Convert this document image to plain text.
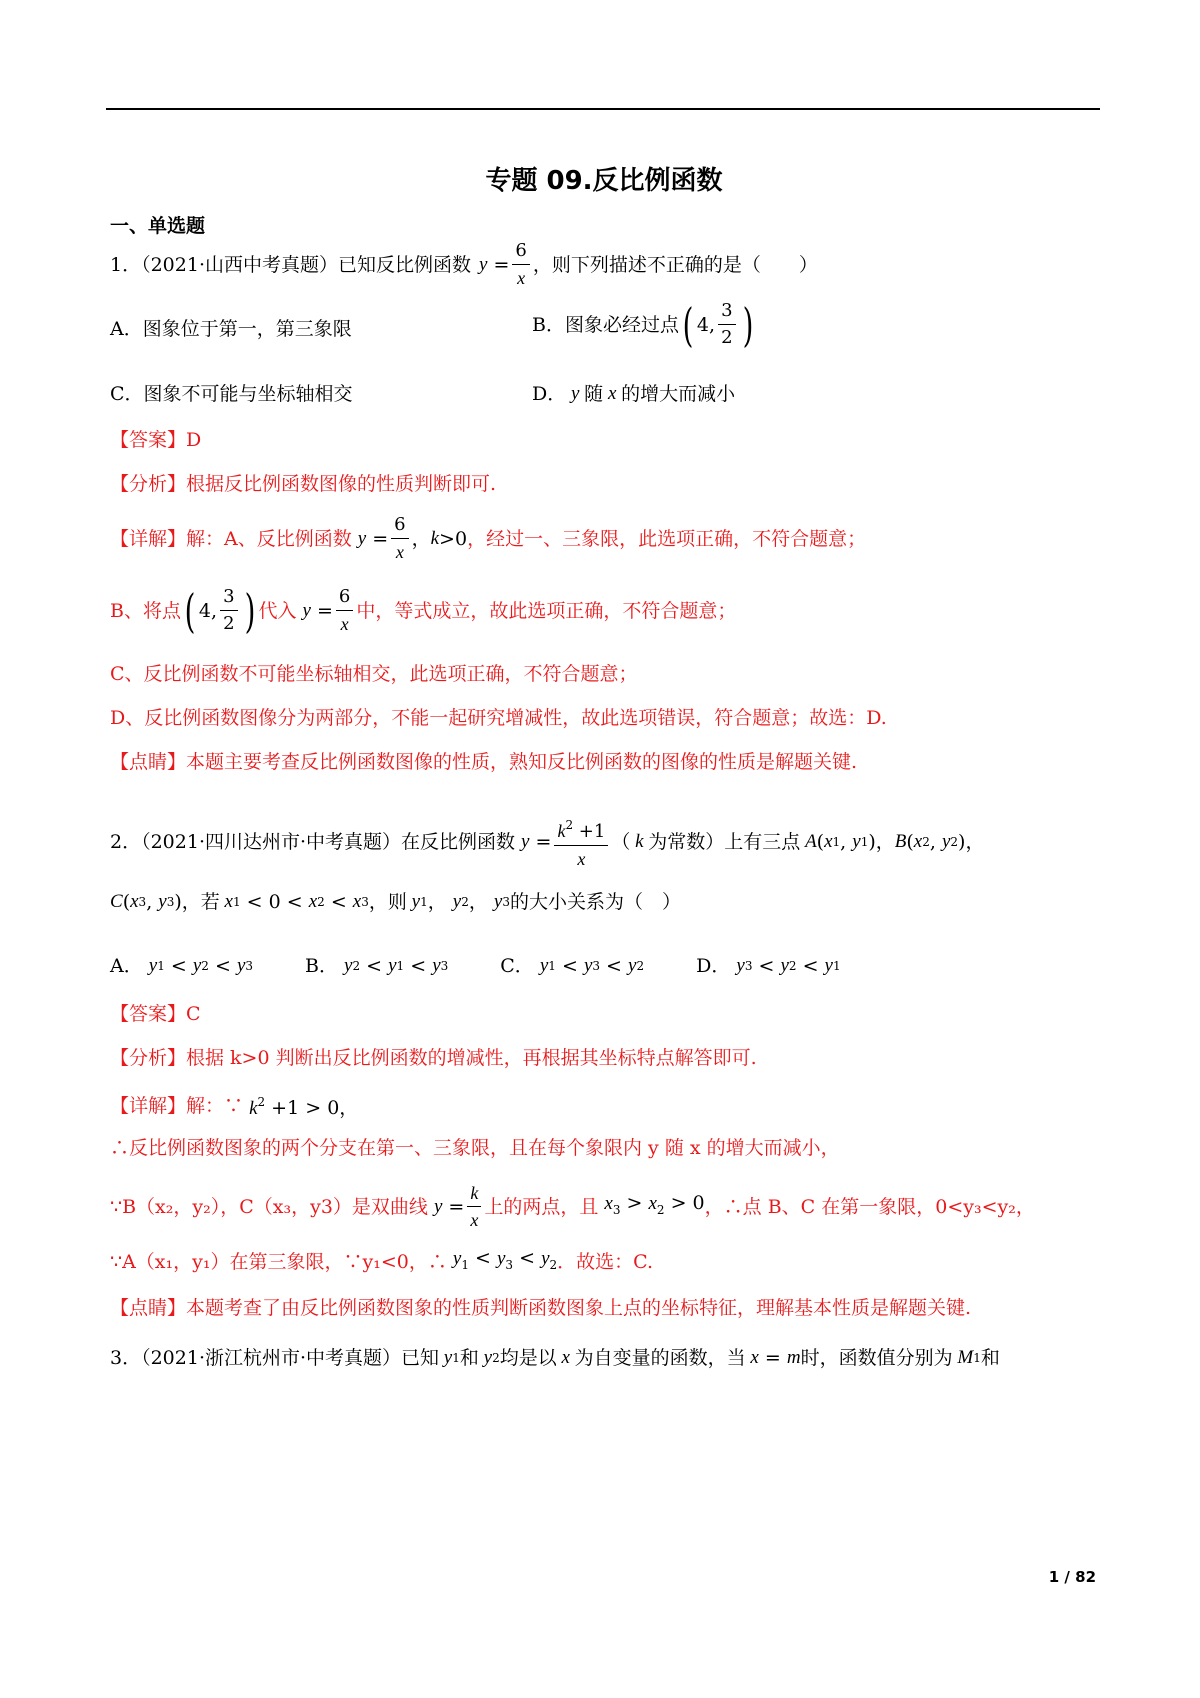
专题 09.反比例函数
一、单选题
1．（2021·山西中考真题）已知反比例函数 $y = \frac{6}{x}$ ，则下列描述不正确的是（　　）
A．图象位于第一，第三象限	B．图象必经过点 ( 4, $\frac{3}{2}$ )
C．图象不可能与坐标轴相交	D． y 随 x 的增大而减小
【答案】D
【分析】根据反比例函数图像的性质判断即可.
【详解】解：A、反比例函数 $y = \frac{6}{x}$ ， k >0 ，经过一、三象限，此选项正确，不符合题意；
B、将点 ( 4, $\frac{3}{2}$ ) 代入 $y = \frac{6}{x}$ 中，等式成立，故此选项正确，不符合题意；
C、反比例函数不可能坐标轴相交，此选项正确，不符合题意；
D、反比例函数图像分为两部分，不能一起研究增减性，故此选项错误，符合题意；故选：D.
【点睛】本题主要考查反比例函数图像的性质，熟知反比例函数的图像的性质是解题关键.
2．（2021·四川达州市·中考真题）在反比例函数 $y = \frac{k^2 +1}{x}$ （ k 为常数）上有三点 A ( x 1 , y 1 )， B ( x 2 , y 2 )，
C ( x 3 , y 3 ) ，若 x 1 < 0 < x 2 < x 3 ，则 y 1 ， y 2 ， y 3 的大小关系为（　）
A．
y 1 < y 2 < y 3	B．
y 2 < y 1 < y 3	C．
y 1 < y 3 < y 2	D．
y 3 < y 2 < y 1
【答案】C
【分析】根据 k>0 判断出反比例函数的增减性，再根据其坐标特点解答即可.
【详解】解：∵ $k^2 +1 > 0$，
∴反比例函数图象的两个分支在第一、三象限，且在每个象限内 y 随 x 的增大而减小，
∵B（x₂，y₂），C（x₃，y3）是双曲线 $y = \frac{k}{x}$ 上的两点，且 $x_3 > x_2 > 0$ ，∴点 B、C 在第一象限，0<y₃<y₂，
∵A（x₁，y₁）在第三象限，∵y₁<0，∴ $y_1 < y_3 < y_2$ ．故选：C.
【点睛】本题考查了由反比例函数图象的性质判断函数图象上点的坐标特征，理解基本性质是解题关键.
3．（2021·浙江杭州市·中考真题）已知 y 1 和 y 2 均是以 x 为自变量的函数，当 x = m 时，函数值分别为 M 1 和
1 / 82
